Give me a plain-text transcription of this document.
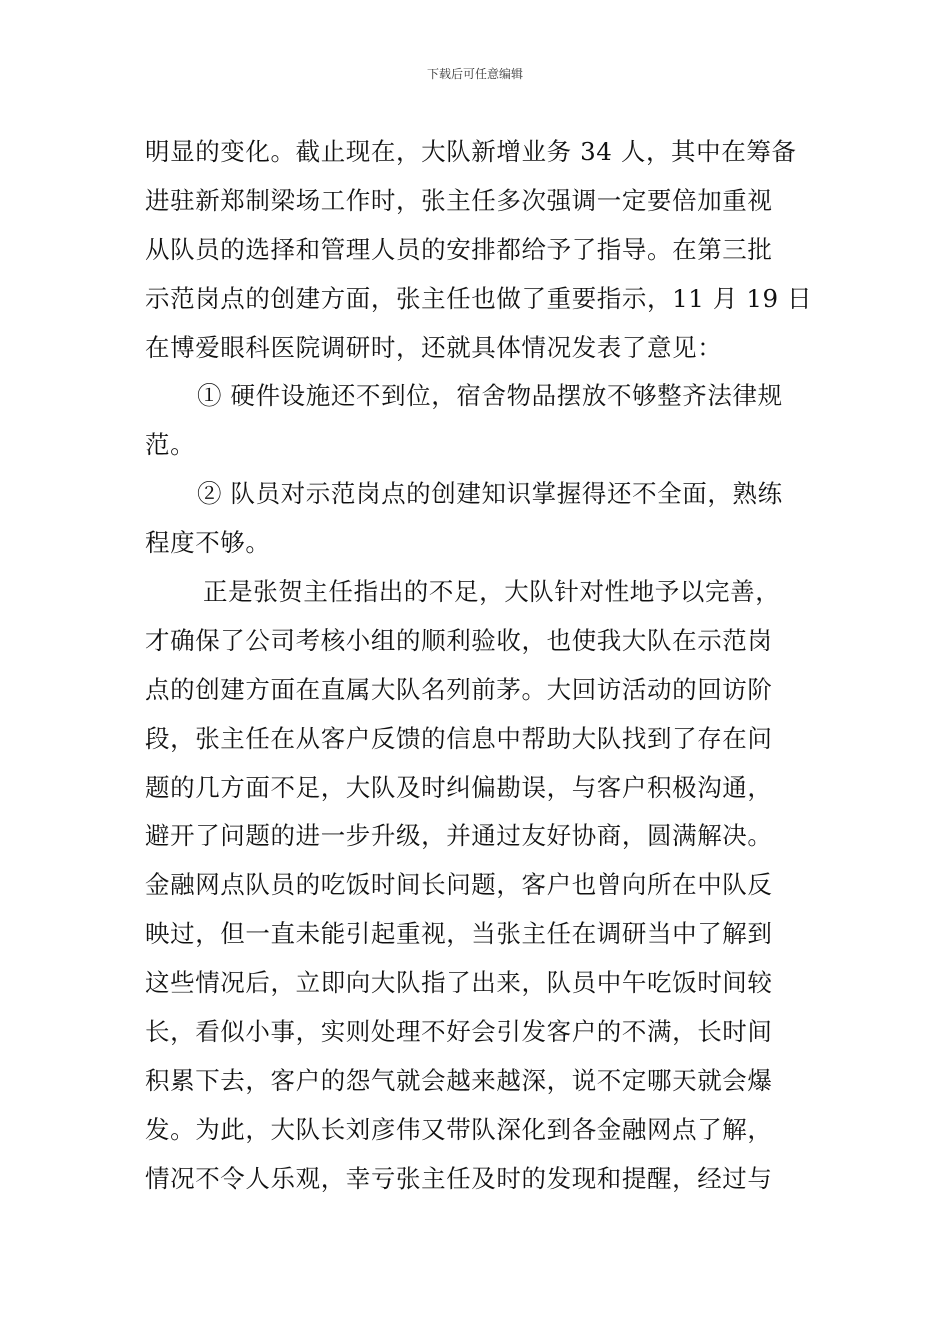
下载后可任意编辑
明显的变化。截止现在，大队新增业务 34 人，其中在筹备
进驻新郑制梁场工作时，张主任多次强调一定要倍加重视
从队员的选择和管理人员的安排都给予了指导。在第三批
示范岗点的创建方面，张主任也做了重要指示，11 月 19 日
在博爱眼科医院调研时，还就具体情况发表了意见：
① 硬件设施还不到位，宿舍物品摆放不够整齐法律规
范。
② 队员对示范岗点的创建知识掌握得还不全面，熟练
程度不够。
正是张贺主任指出的不足，大队针对性地予以完善，
才确保了公司考核小组的顺利验收，也使我大队在示范岗
点的创建方面在直属大队名列前茅。大回访活动的回访阶
段，张主任在从客户反馈的信息中帮助大队找到了存在问
题的几方面不足，大队及时纠偏勘误，与客户积极沟通，
避开了问题的进一步升级，并通过友好协商，圆满解决。
金融网点队员的吃饭时间长问题，客户也曾向所在中队反
映过，但一直未能引起重视，当张主任在调研当中了解到
这些情况后，立即向大队指了出来，队员中午吃饭时间较
长，看似小事，实则处理不好会引发客户的不满，长时间
积累下去，客户的怨气就会越来越深，说不定哪天就会爆
发。为此，大队长刘彦伟又带队深化到各金融网点了解，
情况不令人乐观，幸亏张主任及时的发现和提醒，经过与
